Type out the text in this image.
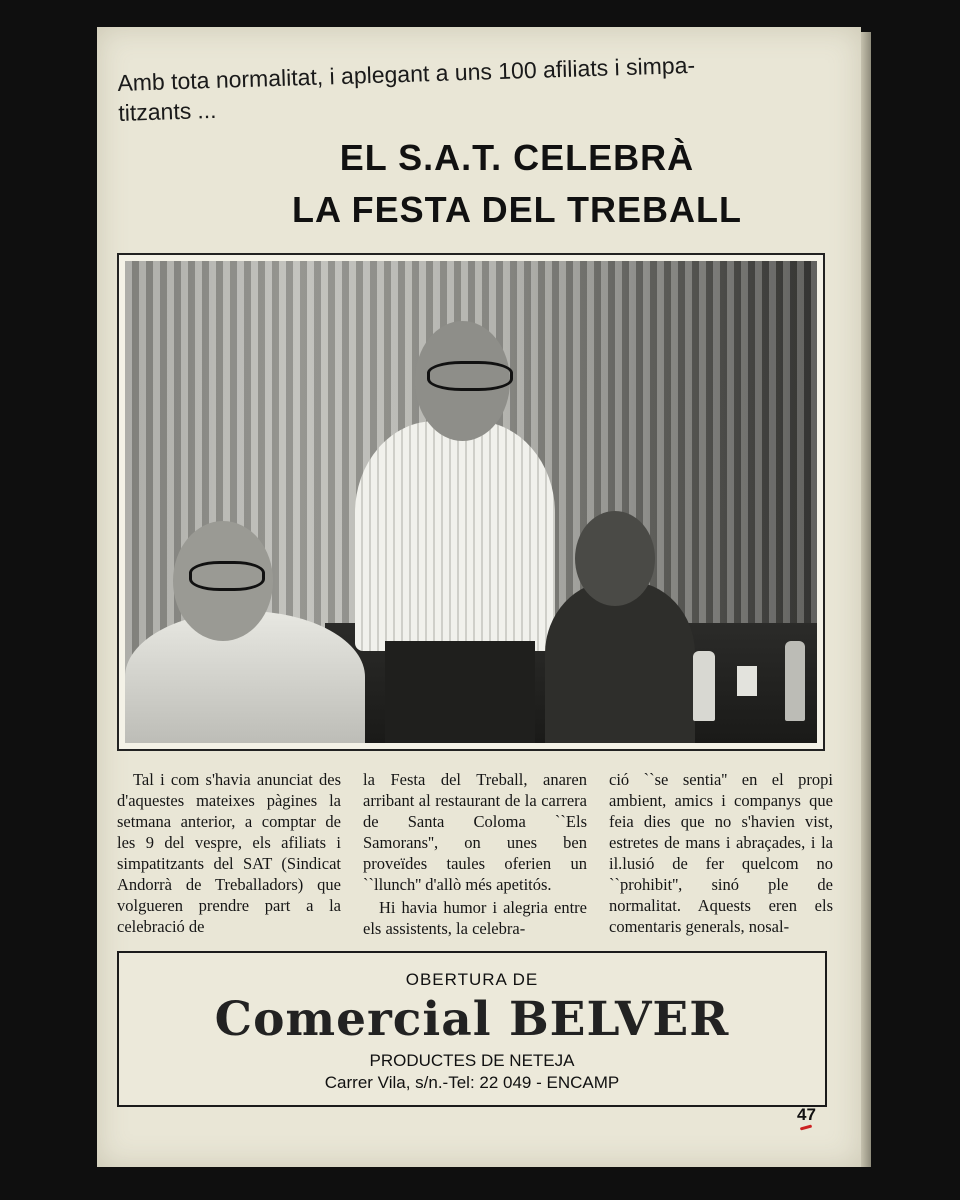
Amb tota normalitat, i aplegant a uns 100 afiliats i simpa-
titzants ...
EL S.A.T. CELEBRÀ
LA FESTA DEL TREBALL

Tal i com s'havia anunciat des d'aquestes mateixes pàgines la setmana anterior, a comptar de les 9 del vespre, els afiliats i simpatitzants del SAT (Sindicat Andorrà de Treballadors) que volgueren prendre part a la celebració de

la Festa del Treball, anaren arribant al restaurant de la carrera de Santa Coloma ``Els Samorans'', on unes ben proveïdes taules oferien un ``llunch'' d'allò més apetitós.

Hi havia humor i alegria entre els assistents, la celebra-

ció ``se sentia'' en el propi ambient, amics i companys que feia dies que no s'havien vist, estretes de mans i abraçades, i la il.lusió de fer quelcom no ``prohibit'', sinó ple de normalitat. Aquests eren els comentaris generals, nosal-

OBERTURA DE
Comercial BELVER
PRODUCTES DE NETEJA
Carrer Vila, s/n.-Tel: 22 049 - ENCAMP
47
